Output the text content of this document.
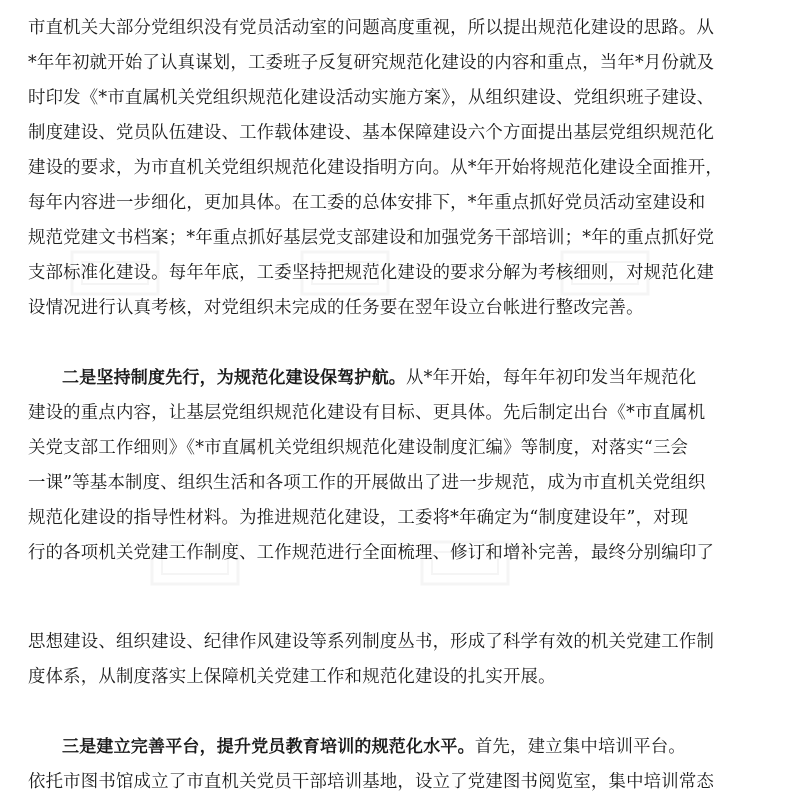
市直机关大部分党组织没有党员活动室的问题高度重视，所以提出规范化建设的思路。从
*年年初就开始了认真谋划，工委班子反复研究规范化建设的内容和重点，当年*月份就及
时印发《*市直属机关党组织规范化建设活动实施方案》，从组织建设、党组织班子建设、
制度建设、党员队伍建设、工作载体建设、基本保障建设六个方面提出基层党组织规范化
建设的要求，为市直机关党组织规范化建设指明方向。从*年开始将规范化建设全面推开，
每年内容进一步细化，更加具体。在工委的总体安排下，*年重点抓好党员活动室建设和
规范党建文书档案；*年重点抓好基层党支部建设和加强党务干部培训；*年的重点抓好党
支部标准化建设。每年年底，工委坚持把规范化建设的要求分解为考核细则，对规范化建
设情况进行认真考核，对党组织未完成的任务要在翌年设立台帐进行整改完善。
二是坚持制度先行，为规范化建设保驾护航。从*年开始，每年年初印发当年规范化
建设的重点内容，让基层党组织规范化建设有目标、更具体。先后制定出台《*市直属机
关党支部工作细则》《*市直属机关党组织规范化建设制度汇编》等制度，对落实“三会
一课”等基本制度、组织生活和各项工作的开展做出了进一步规范，成为市直机关党组织
规范化建设的指导性材料。为推进规范化建设，工委将*年确定为“制度建设年”，对现
行的各项机关党建工作制度、工作规范进行全面梳理、修订和增补完善，最终分别编印了
思想建设、组织建设、纪律作风建设等系列制度丛书，形成了科学有效的机关党建工作制
度体系，从制度落实上保障机关党建工作和规范化建设的扎实开展。
三是建立完善平台，提升党员教育培训的规范化水平。首先，建立集中培训平台。
依托市图书馆成立了市直机关党员干部培训基地，设立了党建图书阅览室，集中培训常态
